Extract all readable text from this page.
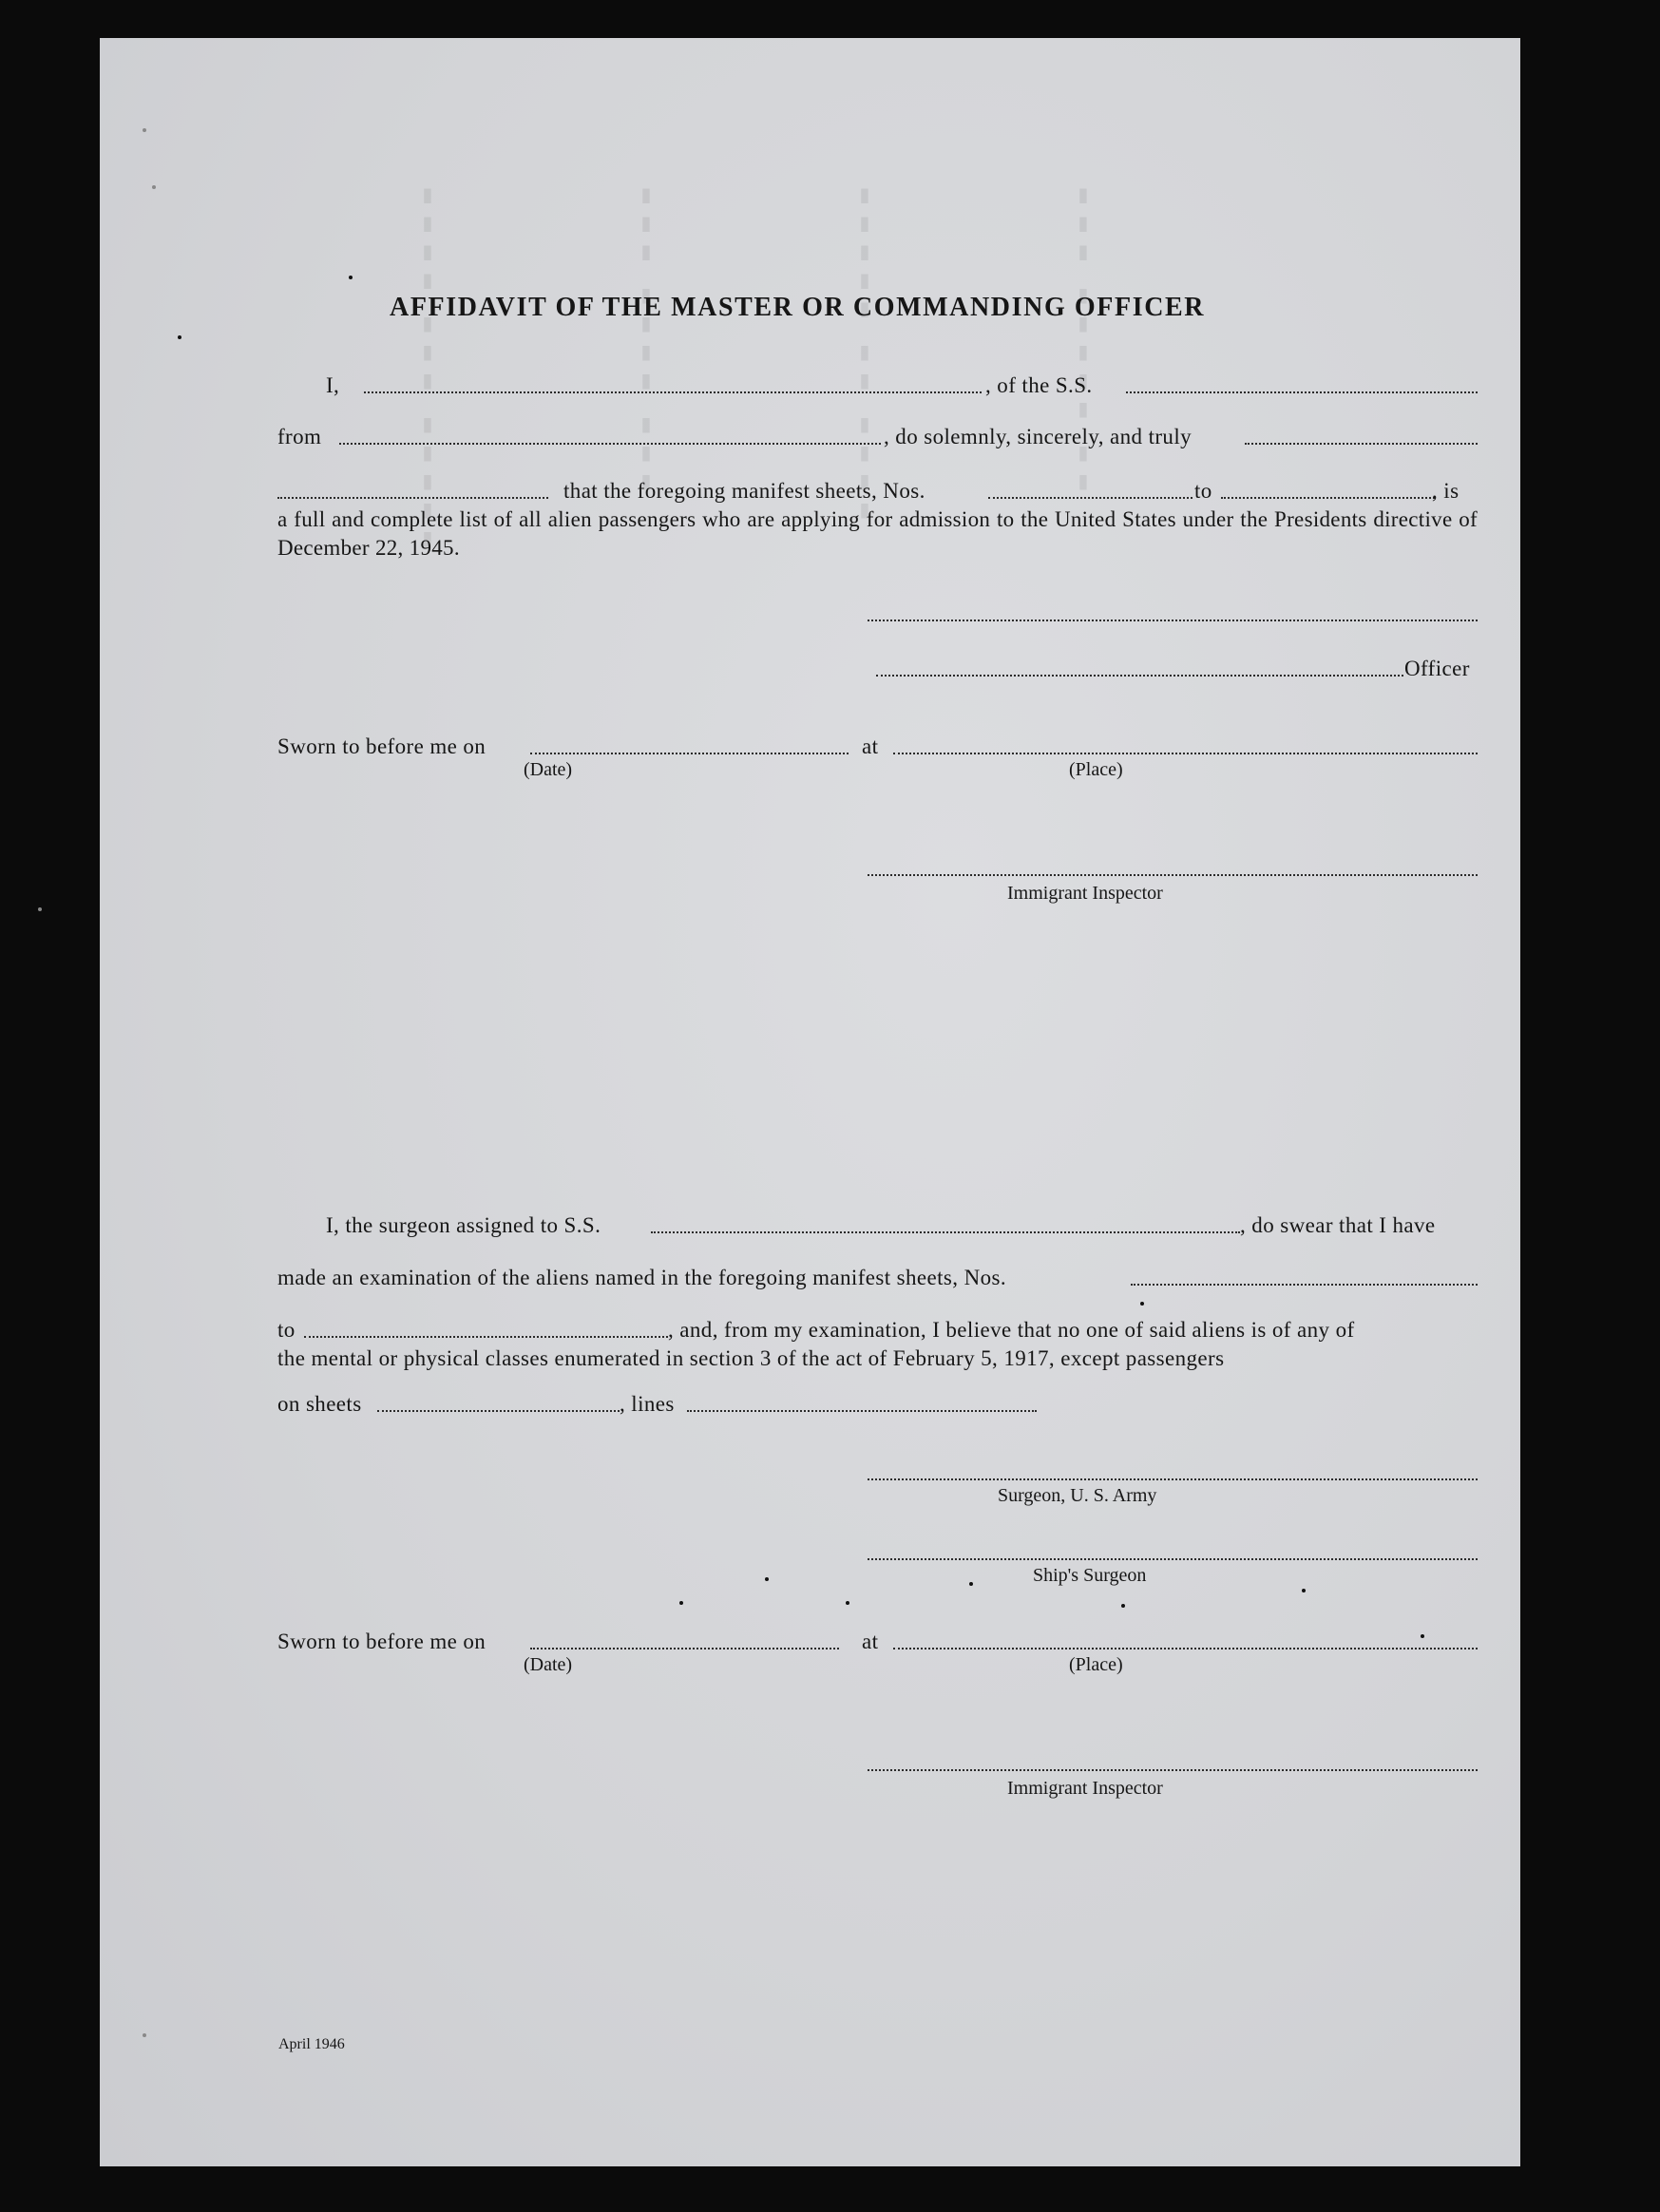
▮▮▮▮ ▮▮▮ ▮▮▮▮▮	▮▮▮ ▮▮▮▮ ▮▮▮	▮▮▮▮▮ ▮▮ ▮▮▮▮	▮▮▮ ▮▮▮▮▮ ▮▮
AFFIDAVIT OF THE MASTER OR COMMANDING OFFICER
I,	, of the S.S.
from	, do solemnly, sincerely, and truly
that the foregoing manifest sheets, Nos.	to	, is
a full and complete list of all alien passengers who are applying for admission to the United States under the Presidents directive of December 22, 1945.
Officer
Sworn to before me on	at
(Date)	(Place)
Immigrant Inspector
I, the surgeon assigned to S.S.	, do swear that I have
made an examination of the aliens named in the foregoing manifest sheets, Nos.
to	, and, from my examination, I believe that no one of said aliens is of any of
the mental or physical classes enumerated in section 3 of the act of February 5, 1917, except passengers
on sheets	, lines
Surgeon, U. S. Army
Ship's Surgeon
Sworn to before me on	at
(Date)	(Place)
Immigrant Inspector
April 1946
